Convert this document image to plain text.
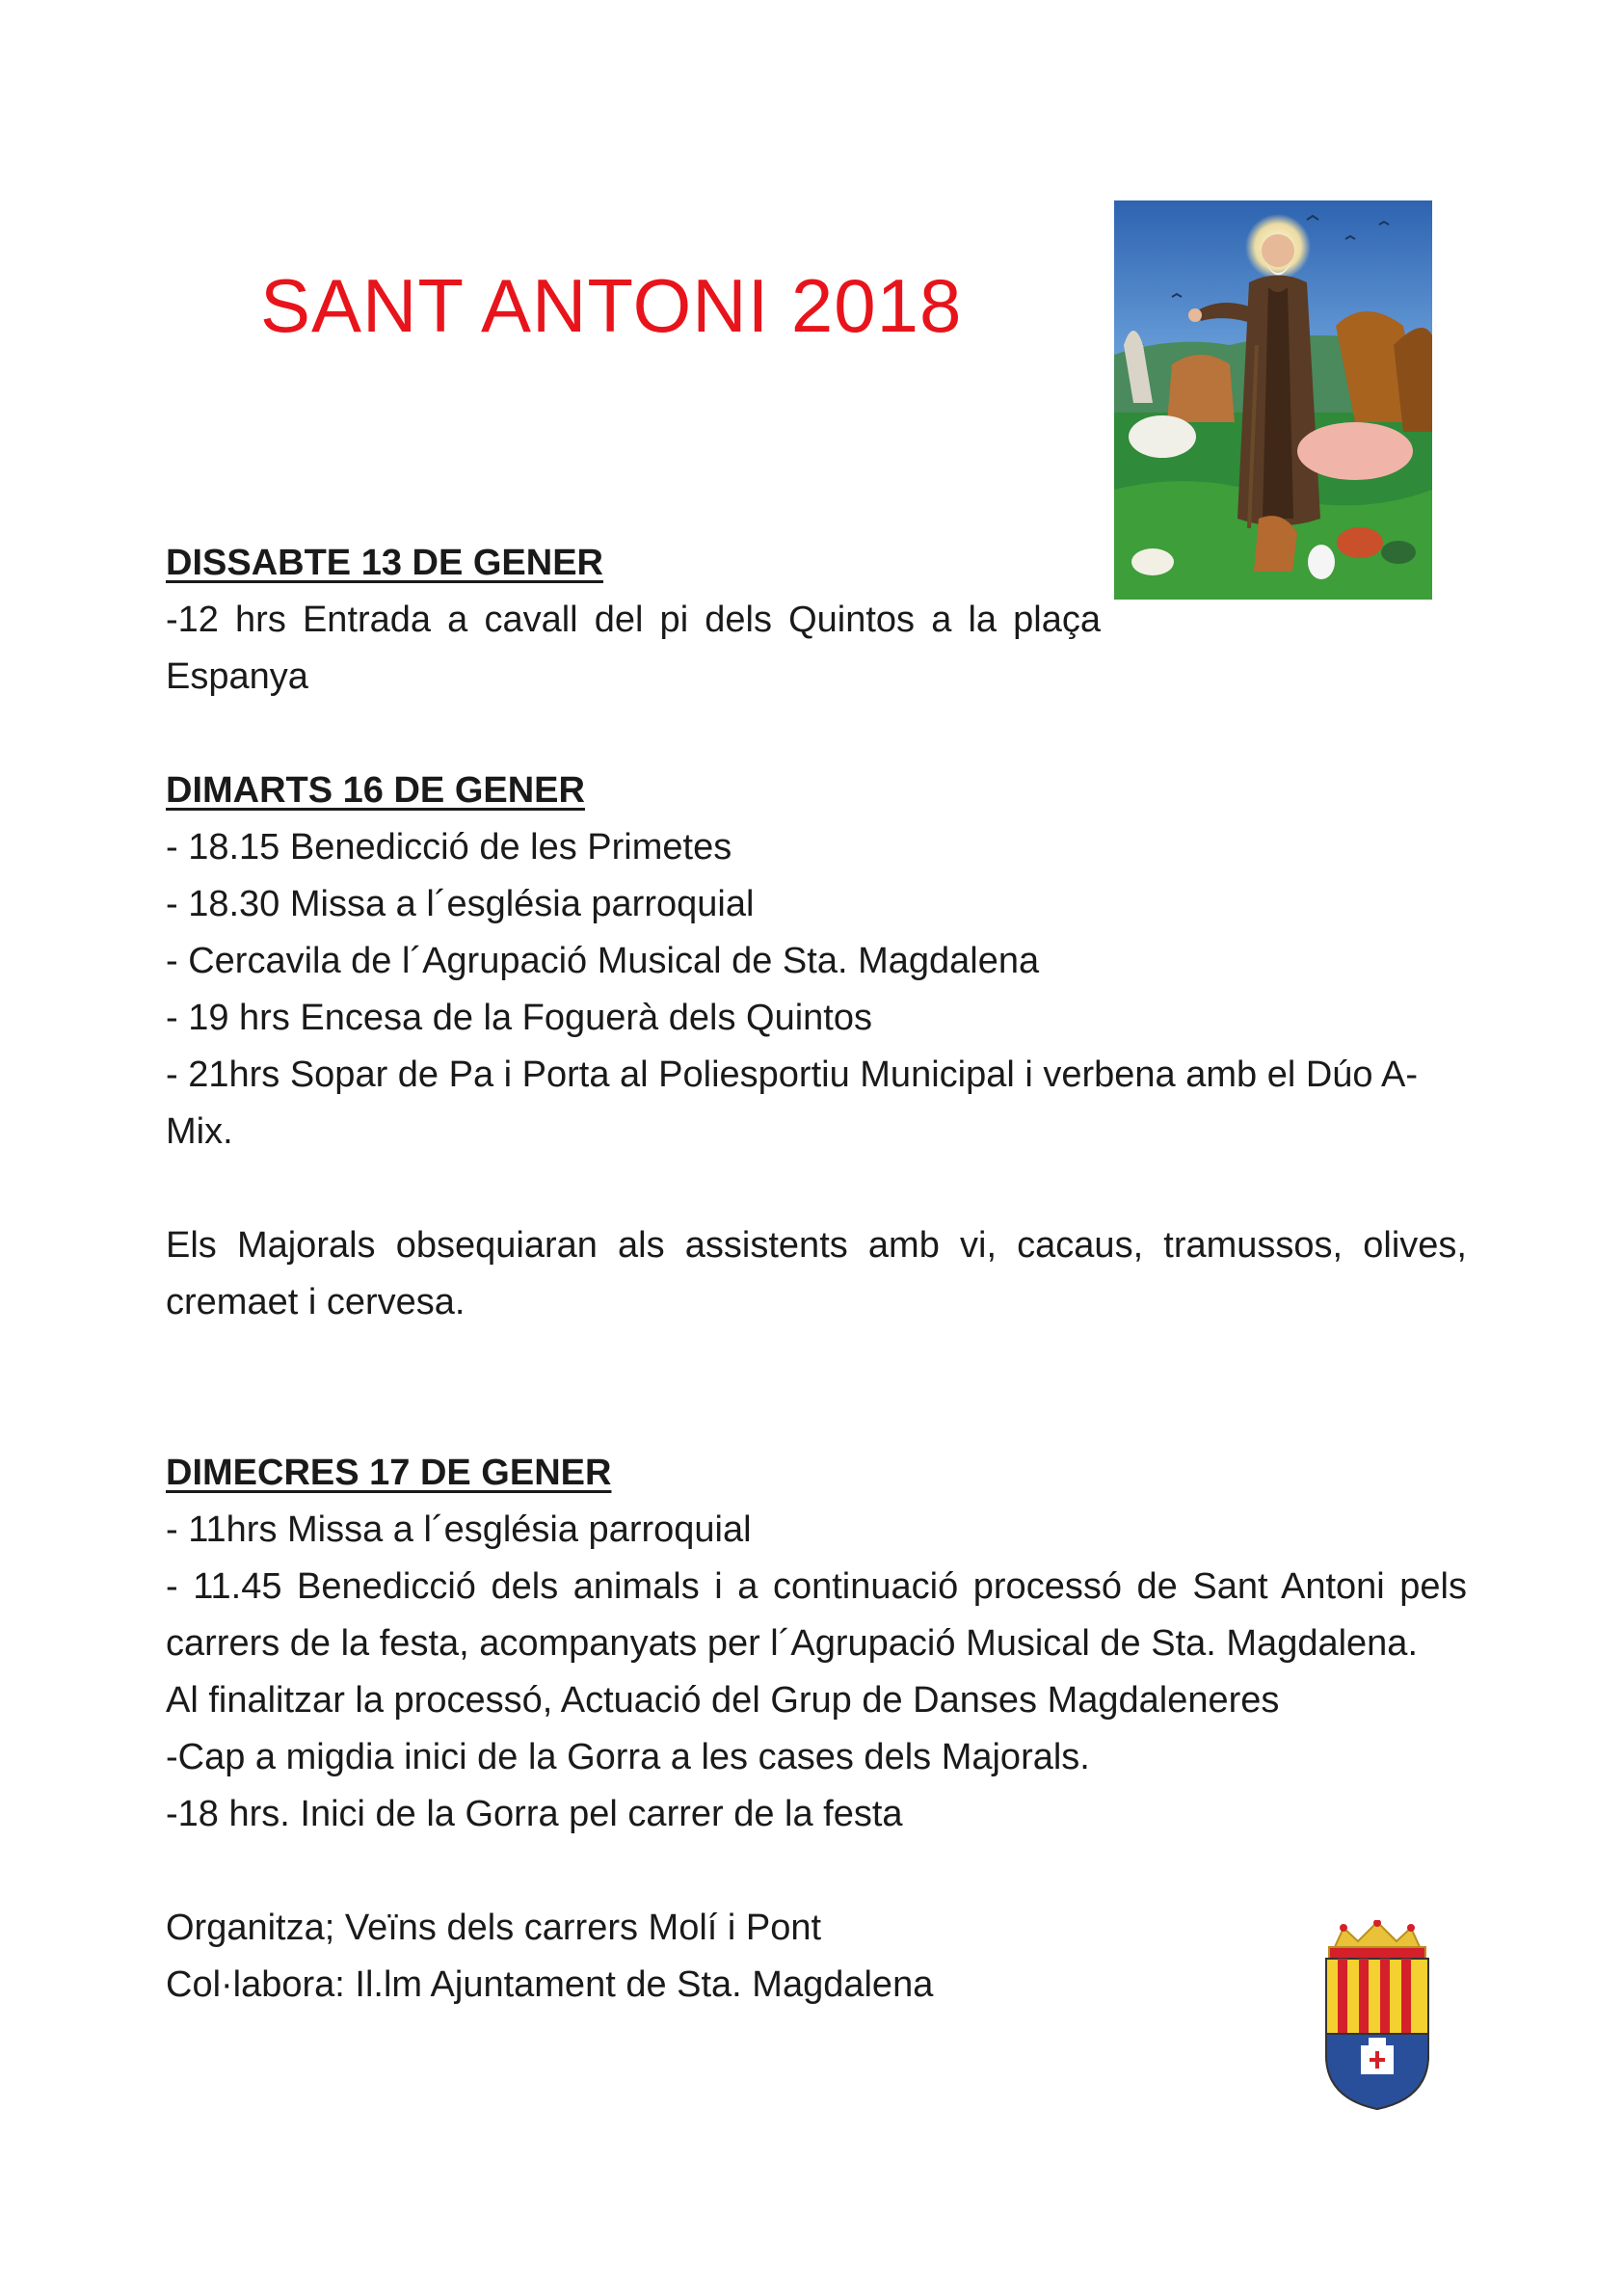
SANT ANTONI 2018
DISSABTE 13 DE GENER
-12 hrs Entrada a cavall del pi dels Quintos a la plaça Espanya
DIMARTS 16 DE GENER
- 18.15 Benedicció de les Primetes
- 18.30 Missa a l´església parroquial
- Cercavila de l´Agrupació Musical de Sta. Magdalena
- 19 hrs Encesa de la Foguerà dels Quintos
- 21hrs Sopar de Pa i Porta al Poliesportiu Municipal i verbena amb el Dúo A-Mix.
Els Majorals obsequiaran als assistents amb vi, cacaus, tramussos, olives, cremaet i cervesa.
DIMECRES 17 DE GENER
- 11hrs Missa a l´església parroquial
- 11.45 Benedicció dels animals i a continuació processó de Sant Antoni pels carrers de la festa, acompanyats per l´Agrupació Musical de Sta. Magdalena.
Al finalitzar la processó, Actuació del Grup de Danses Magdaleneres
-Cap a migdia inici de la Gorra a les cases dels Majorals.
-18 hrs. Inici de la Gorra pel carrer de la festa
Organitza; Veïns dels carrers Molí i Pont
Col·labora: Il.lm Ajuntament de Sta. Magdalena
